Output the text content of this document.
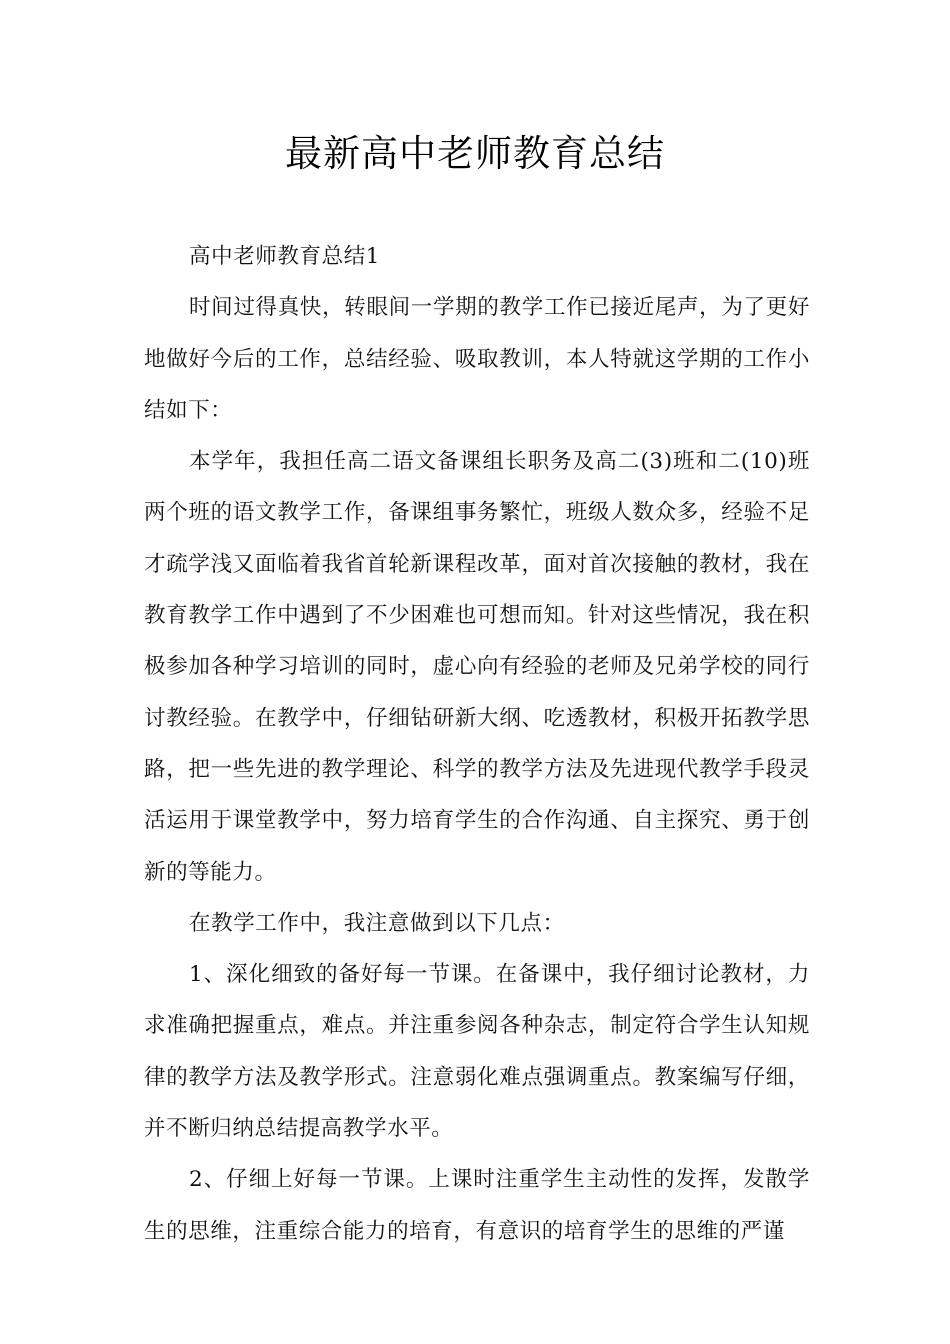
最新高中老师教育总结

高中老师教育总结1

时间过得真快，转眼间一学期的教学工作已接近尾声，为了更好地做好今后的工作，总结经验、吸取教训，本人特就这学期的工作小结如下：

本学年，我担任高二语文备课组长职务及高二(3)班和二(10)班两个班的语文教学工作，备课组事务繁忙，班级人数众多，经验不足才疏学浅又面临着我省首轮新课程改革，面对首次接触的教材，我在教育教学工作中遇到了不少困难也可想而知。针对这些情况，我在积极参加各种学习培训的同时，虚心向有经验的老师及兄弟学校的同行讨教经验。在教学中，仔细钻研新大纲、吃透教材，积极开拓教学思路，把一些先进的教学理论、科学的教学方法及先进现代教学手段灵活运用于课堂教学中，努力培育学生的合作沟通、自主探究、勇于创新的等能力。

在教学工作中，我注意做到以下几点：

1、深化细致的备好每一节课。在备课中，我仔细讨论教材，力求准确把握重点，难点。并注重参阅各种杂志，制定符合学生认知规律的教学方法及教学形式。注意弱化难点强调重点。教案编写仔细，并不断归纳总结提高教学水平。

2、仔细上好每一节课。上课时注重学生主动性的发挥，发散学生的思维，注重综合能力的培育，有意识的培育学生的思维的严谨
